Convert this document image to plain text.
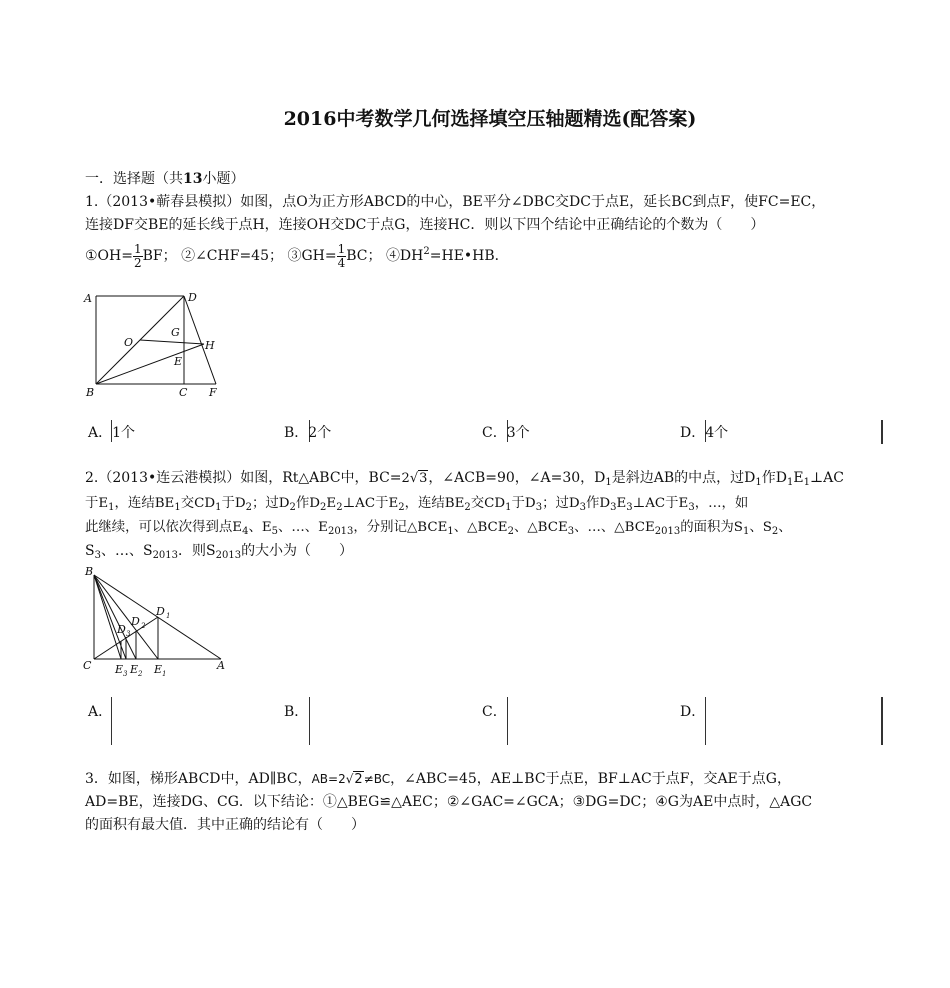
2016中考数学几何选择填空压轴题精选(配答案)
一．选择题（共13小题）
1.（2013•蕲春县模拟）如图，点O为正方形ABCD的中心，BE平分∠DBC交DC于点E，延长BC到点F，使FC=EC，
连接DF交BE的延长线于点H，连接OH交DC于点G，连接HC．则以下四个结论中正确结论的个数为（　　）
①OH= $\frac{1}{2}$ BF； ②∠CHF=45； ③GH= $\frac{1}{4}$ BC； $④DH^2=HE•HB$．
A	D
O
G
H
E
B	C F
A．1个	B．2个	C．3个	D．4个
2.（2013•连云港模拟）如图，Rt△ABC中，BC=2√3，∠ACB=90，∠A=30，$D_1$是斜边AB的中点，过$D_1$作$D_1E_1\perp AC$
于$E_1$，连结$BE_1$交$CD_1$于$D_2$；过$D_2$作$D_2E_2\perp AC$于$E_2$，连结$BE_2$交$CD_1$于$D_3$；过$D_3$作$D_3E_3\perp AC$于$E_3$，…，如
此继续，可以依次得到点$E_4$、$E_5$、…、$E_{2013}$，分别记$\triangle BCE_1$、$\triangle BCE_2$、$\triangle BCE_3$、…、$\triangle BCE_{2013}$的面积为$S_1$、$S_2$、
$S_3$、…、$S_{2013}$．则$S_{2013}$的大小为（　　）
B
D 1
D 2
D 3
C E 3 E 2 E 1
A
A．	B．	C．	D．
3．如图，梯形ABCD中，AD∥BC，AB=2√2≠BC，∠ABC=45，AE⊥BC于点E，BF⊥AC于点F，交AE于点G，
AD=BE，连接DG、CG．以下结论：①△BEG≌△AEC；②∠GAC=∠GCA；③DG=DC；④G为AE中点时，△AGC
的面积有最大值．其中正确的结论有（　　）
